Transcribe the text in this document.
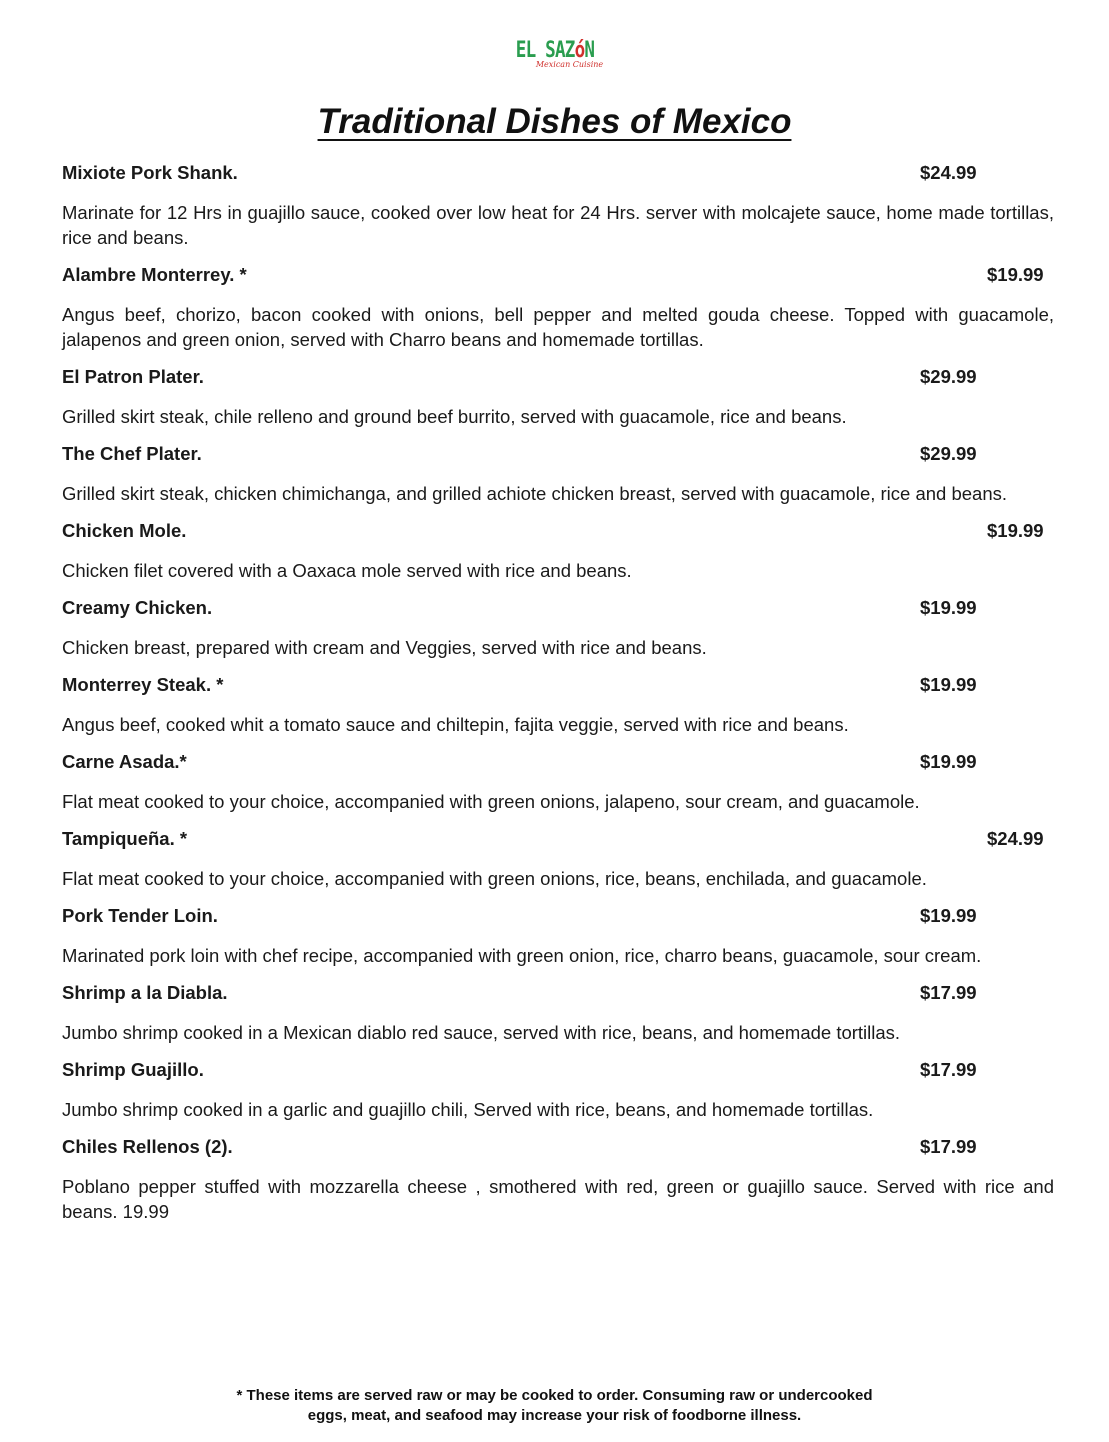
EL SAZóN
Mexican Cuisine
Traditional Dishes of Mexico
Mixiote Pork Shank.	$24.99
Marinate for 12 Hrs in guajillo sauce, cooked over low heat for 24 Hrs. server with molcajete sauce, home made tortillas, rice and beans.
Alambre Monterrey. *	$19.99
Angus beef, chorizo, bacon cooked with onions, bell pepper and melted gouda cheese. Topped with guacamole, jalapenos and green onion, served with Charro beans and homemade tortillas.
El Patron Plater.	$29.99
Grilled skirt steak, chile relleno and ground beef burrito, served with guacamole, rice and beans.
The Chef Plater.	$29.99
Grilled skirt steak, chicken chimichanga, and grilled achiote chicken breast, served with guacamole, rice and beans.
Chicken Mole.	$19.99
Chicken filet covered with a Oaxaca mole served with rice and beans.
Creamy Chicken.	$19.99
Chicken breast, prepared with cream and Veggies, served with rice and beans.
Monterrey Steak. *	$19.99
Angus beef, cooked whit a tomato sauce and chiltepin, fajita veggie, served with rice and beans.
Carne Asada.*	$19.99
Flat meat cooked to your choice, accompanied with green onions, jalapeno, sour cream, and guacamole.
Tampiqueña. *	$24.99
Flat meat cooked to your choice, accompanied with green onions, rice, beans, enchilada, and guacamole.
Pork Tender Loin.	$19.99
Marinated pork loin with chef recipe, accompanied with green onion, rice, charro beans, guacamole, sour cream.
Shrimp a la Diabla.	$17.99
Jumbo shrimp cooked in a Mexican diablo red sauce, served with rice, beans, and homemade tortillas.
Shrimp Guajillo.	$17.99
Jumbo shrimp cooked in a garlic and guajillo chili, Served with rice, beans, and homemade tortillas.
Chiles Rellenos (2).	$17.99
Poblano pepper stuffed with mozzarella cheese , smothered with red, green or guajillo sauce. Served with rice and beans. 19.99
* These items are served raw or may be cooked to order. Consuming raw or undercooked
eggs, meat, and seafood may increase your risk of foodborne illness.
